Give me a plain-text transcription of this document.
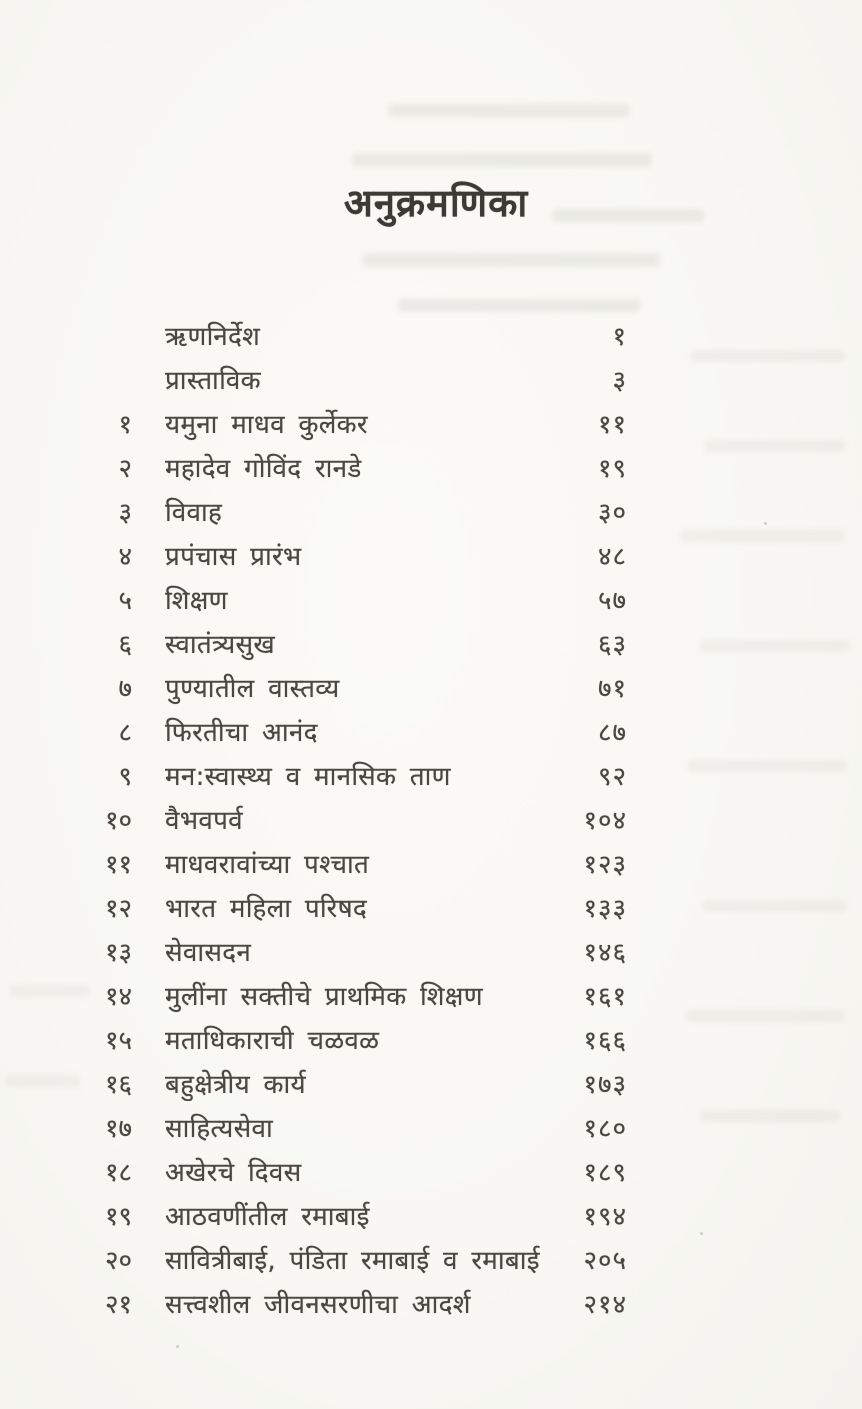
अनुक्रमणिका
ऋणनिर्देश	१
प्रास्ताविक	३
१ यमुना माधव कुर्लेकर	११
२ महादेव गोविंद रानडे	१९
३ विवाह	३०
४ प्रपंचास प्रारंभ	४८
५ शिक्षण	५७
६ स्वातंत्र्यसुख	६३
७ पुण्यातील वास्तव्य	७१
८ फिरतीचा आनंद	८७
९ मन:स्वास्थ्य व मानसिक ताण	९२
१० वैभवपर्व	१०४
११ माधवरावांच्या पश्चात	१२३
१२ भारत महिला परिषद	१३३
१३ सेवासदन	१४६
१४ मुलींना सक्तीचे प्राथमिक शिक्षण	१६१
१५ मताधिकाराची चळवळ	१६६
१६ बहुक्षेत्रीय कार्य	१७३
१७ साहित्यसेवा	१८०
१८ अखेरचे दिवस	१८९
१९ आठवणींतील रमाबाई	१९४
२० सावित्रीबाई, पंडिता रमाबाई व रमाबाई	२०५
२१ सत्त्वशील जीवनसरणीचा आदर्श	२१४
